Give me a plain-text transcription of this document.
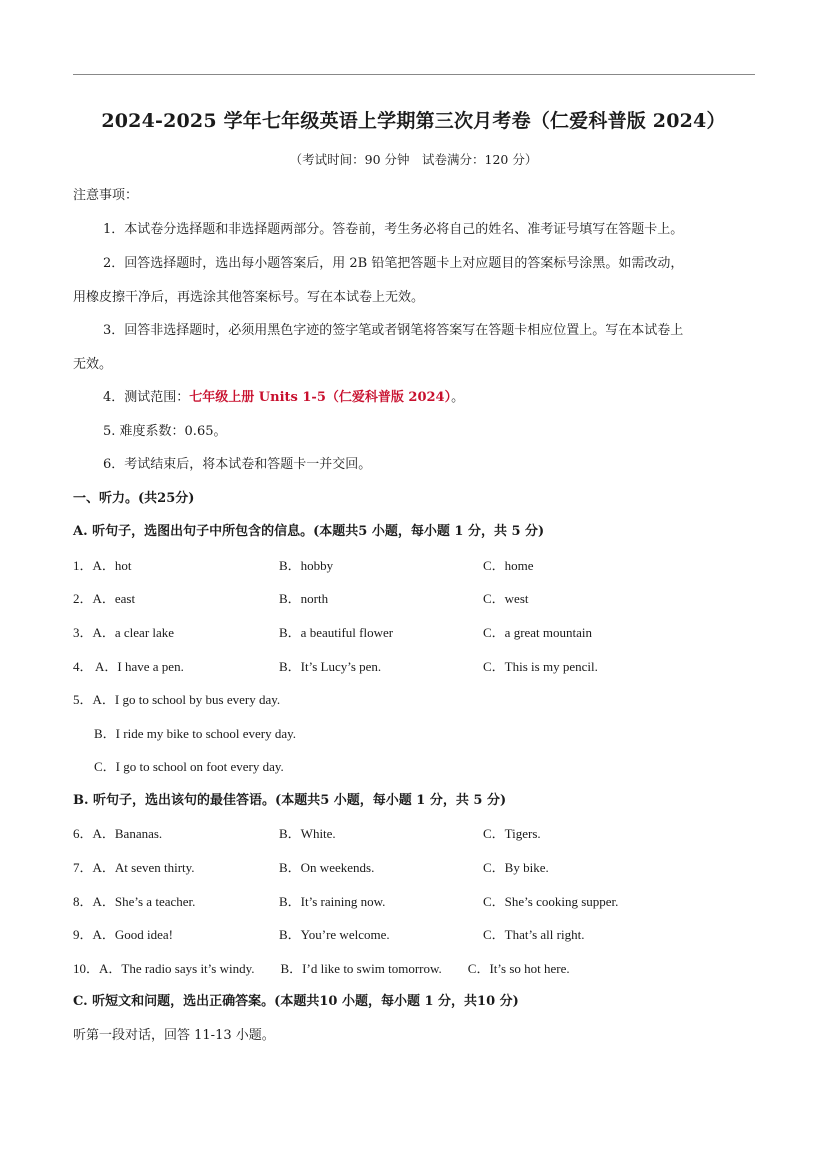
2024-2025 学年七年级英语上学期第三次月考卷（仁爱科普版 2024）
（考试时间：90 分钟　试卷满分：120 分）
注意事项：
1．本试卷分选择题和非选择题两部分。答卷前，考生务必将自己的姓名、准考证号填写在答题卡上。
2．回答选择题时，选出每小题答案后，用 2B 铅笔把答题卡上对应题目的答案标号涂黑。如需改动，
用橡皮擦干净后，再选涂其他答案标号。写在本试卷上无效。
3．回答非选择题时，必须用黑色字迹的签字笔或者钢笔将答案写在答题卡相应位置上。写在本试卷上
无效。
4．测试范围：七年级上册 Units 1-5（仁爱科普版 2024）。
5. 难度系数：0.65。
6．考试结束后，将本试卷和答题卡一并交回。
一、听力。(共25分)
A. 听句子，选图出句子中所包含的信息。(本题共5 小题，每小题 1 分，共 5 分)
1．A．hot	B．hobby	C．home
2．A．east	B．north	C．west
3．A．a clear lake	B．a beautiful flower	C．a great mountain
4． A．I have a pen.	B．It’s Lucy’s pen.	C．This is my pencil.
5．A．I go to school by bus every day.
B．I ride my bike to school every day.
C．I go to school on foot every day.
B. 听句子，选出该句的最佳答语。(本题共5 小题，每小题 1 分，共 5 分)
6．A．Bananas.	B．White.	C．Tigers.
7．A．At seven thirty.	B．On weekends.	C．By bike.
8．A．She’s a teacher.	B．It’s raining now.	C．She’s cooking supper.
9．A．Good idea!	B．You’re welcome.	C．That’s all right.
10．A．The radio says it’s windy.　　B．I’d like to swim tomorrow.　　C．It’s so hot here.
C. 听短文和问题，选出正确答案。(本题共10 小题，每小题 1 分，共10 分)
听第一段对话，回答 11-13 小题。
